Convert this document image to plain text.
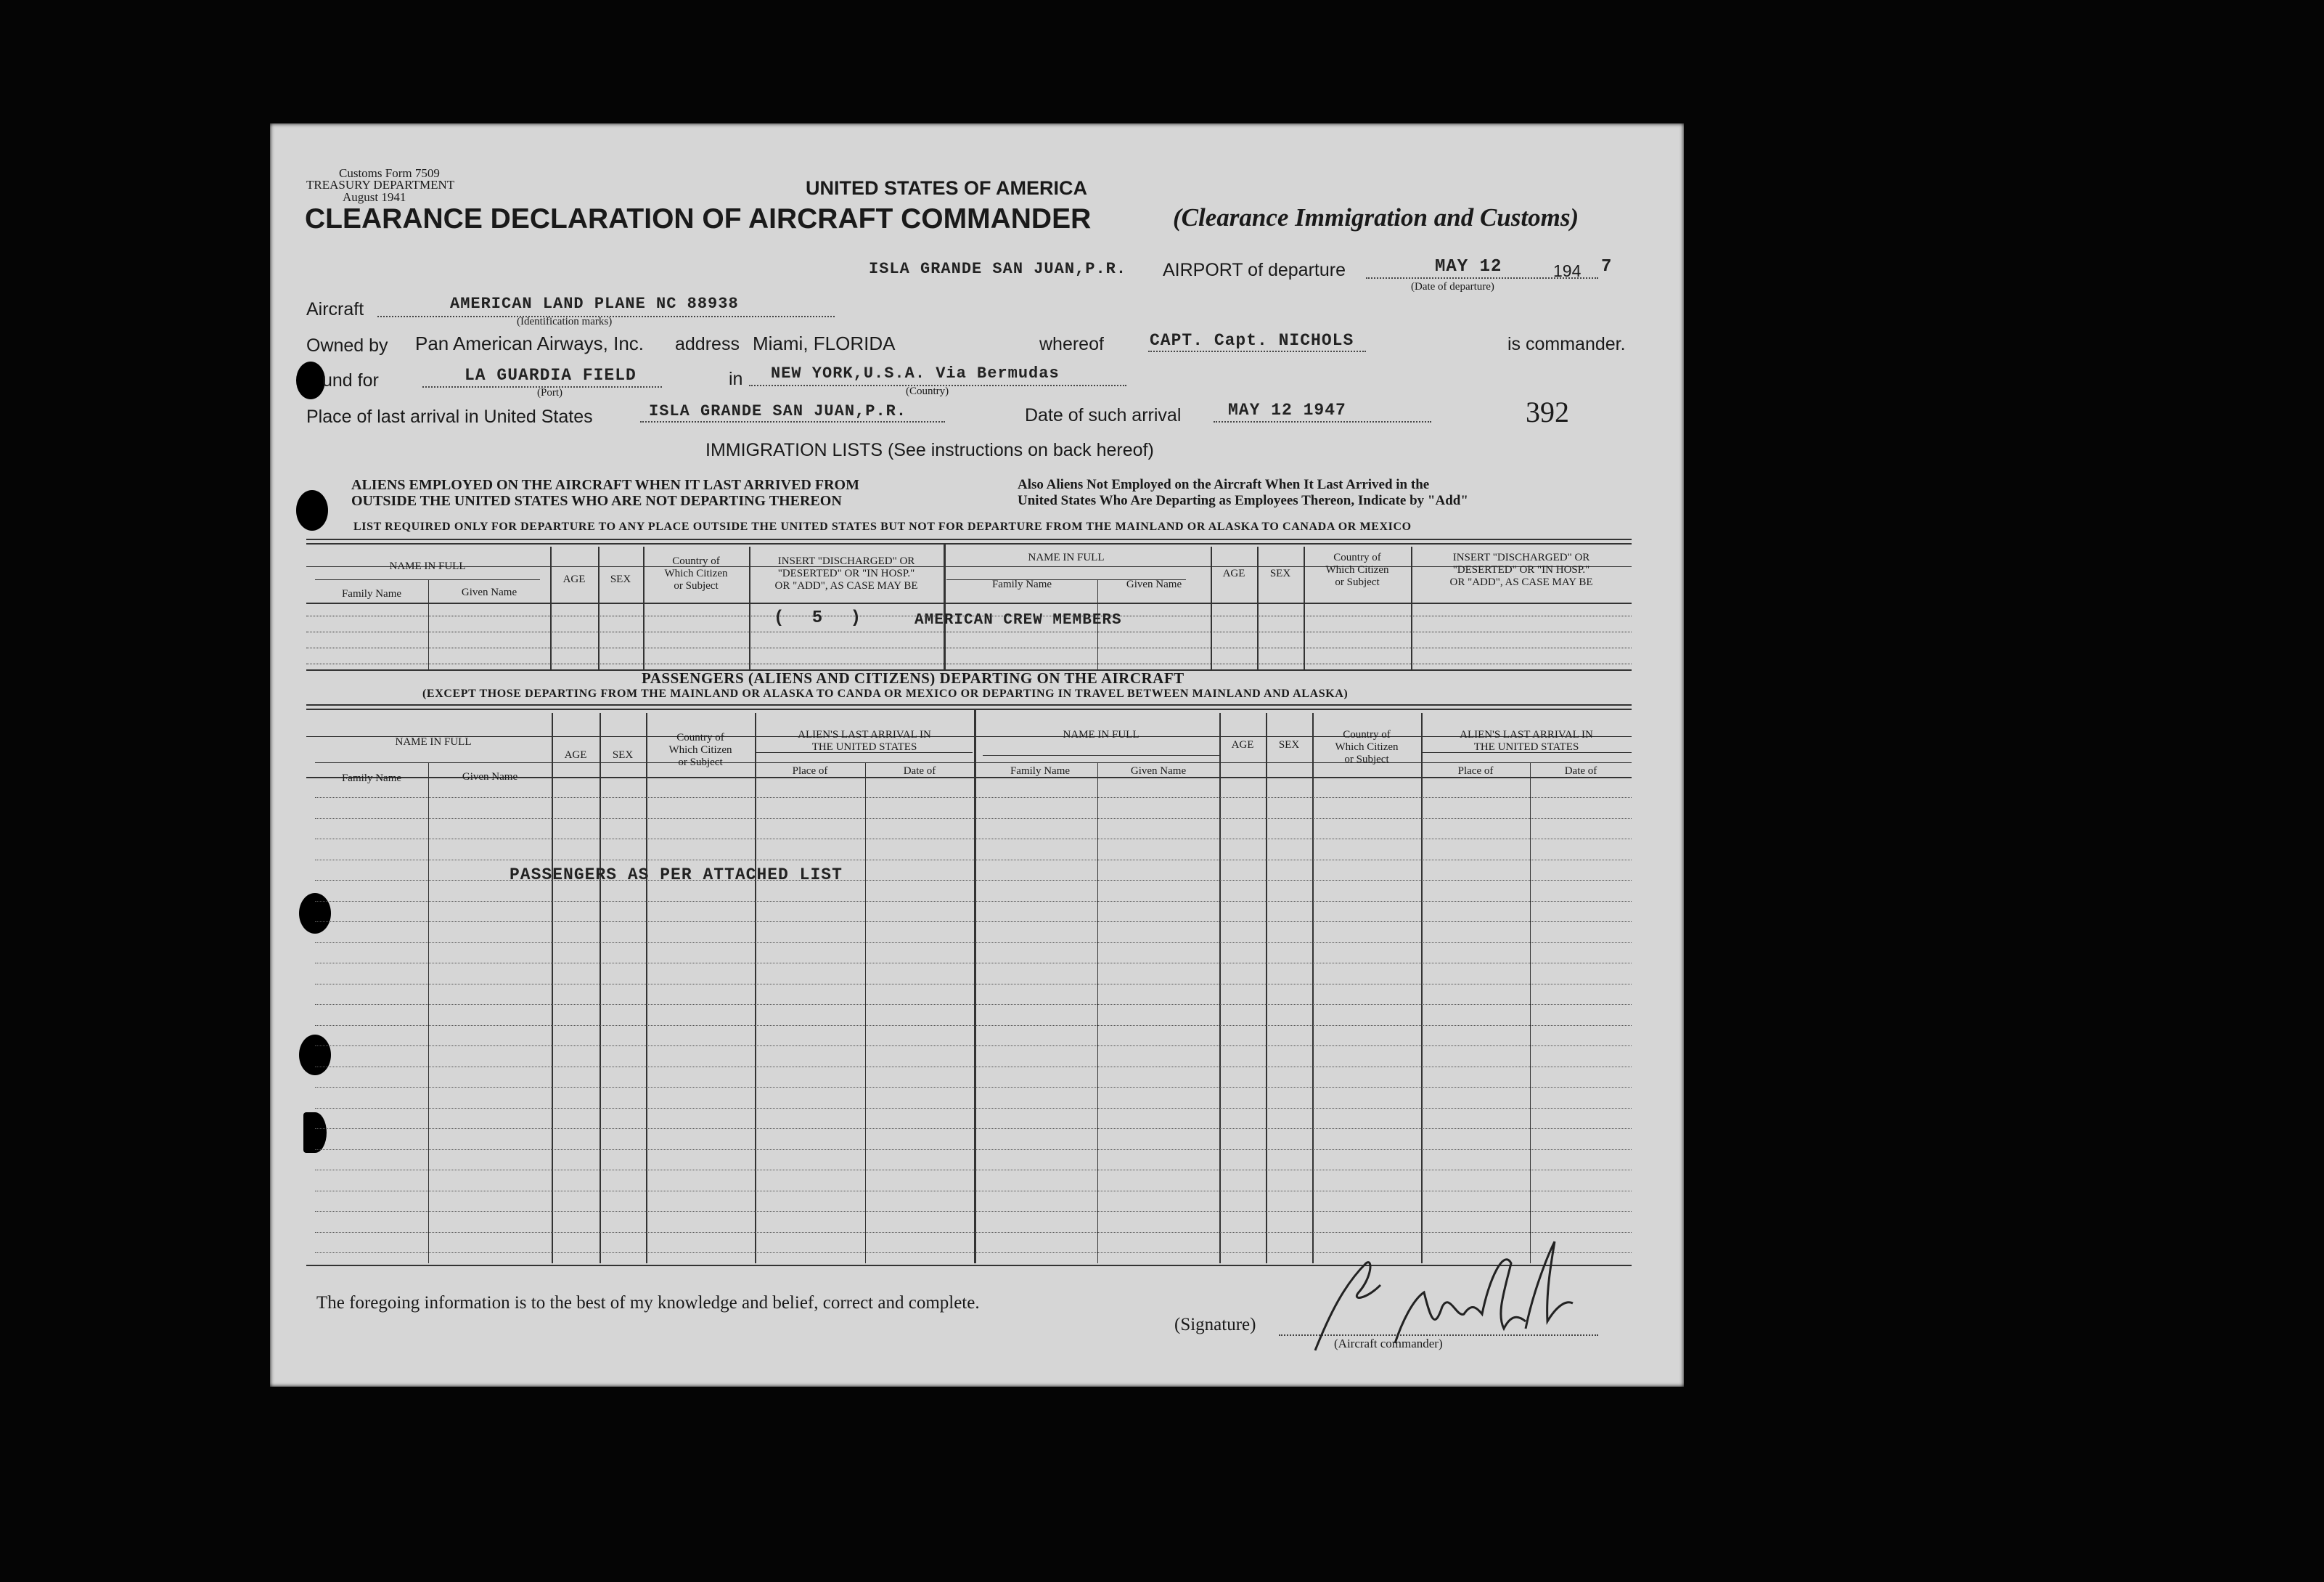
Customs Form 7509
TREASURY DEPARTMENT
August 1941	UNITED STATES OF AMERICA
CLEARANCE DECLARATION OF AIRCRAFT COMMANDER	(Clearance Immigration and Customs)
ISLA GRANDE SAN JUAN,P.R. AIRPORT of departure	MAY 12	194 7
(Date of departure)
Aircraft	AMERICAN LAND PLANE NC 88938
(Identification marks)
Owned by Pan American Airways, Inc. address Miami, FLORIDA	whereof	CAPT. Capt. NICHOLS	is commander.
und for	LA GUARDIA FIELD
(Port)
in NEW YORK,U.S.A. Via Bermudas
(Country)
Place of last arrival in United States	ISLA GRANDE SAN JUAN,P.R.	Date of such arrival	MAY 12 1947	392
IMMIGRATION LISTS (See instructions on back hereof)
ALIENS EMPLOYED ON THE AIRCRAFT WHEN IT LAST ARRIVED FROM
OUTSIDE THE UNITED STATES WHO ARE NOT DEPARTING THEREON
Also Aliens Not Employed on the Aircraft When It Last Arrived in the
United States Who Are Departing as Employees Thereon, Indicate by "Add"
LIST REQUIRED ONLY FOR DEPARTURE TO ANY PLACE OUTSIDE THE UNITED STATES BUT NOT FOR DEPARTURE FROM THE MAINLAND OR ALASKA TO CANADA OR MEXICO
NAME IN FULL
Family Name	Given Name
AGE	SEX
Country of
Which Citizen
or Subject
INSERT "DISCHARGED" OR
"DESERTED" OR "IN HOSP."
OR "ADD", AS CASE MAY BE
NAME IN FULL
Family Name	Given Name
AGE	SEX
Country of
Which Citizen
or Subject
INSERT "DISCHARGED" OR
"DESERTED" OR "IN HOSP."
OR "ADD", AS CASE MAY BE
( 5 )	AMERICAN CREW MEMBERS
PASSENGERS (ALIENS AND CITIZENS) DEPARTING ON THE AIRCRAFT
(EXCEPT THOSE DEPARTING FROM THE MAINLAND OR ALASKA TO CANDA OR MEXICO OR DEPARTING IN TRAVEL BETWEEN MAINLAND AND ALASKA)
NAME IN FULL
Family Name	Given Name
AGE	SEX
Country of
Which Citizen
or Subject
ALIEN'S LAST ARRIVAL IN
THE UNITED STATES
Place of	Date of
NAME IN FULL
Family Name	Given Name
AGE	SEX
Country of
Which Citizen
or Subject
ALIEN'S LAST ARRIVAL IN
THE UNITED STATES
Place of	Date of
PASSENGERS AS PER ATTACHED LIST
The foregoing information is to the best of my knowledge and belief, correct and complete.
(Signature)
(Aircraft commander)
